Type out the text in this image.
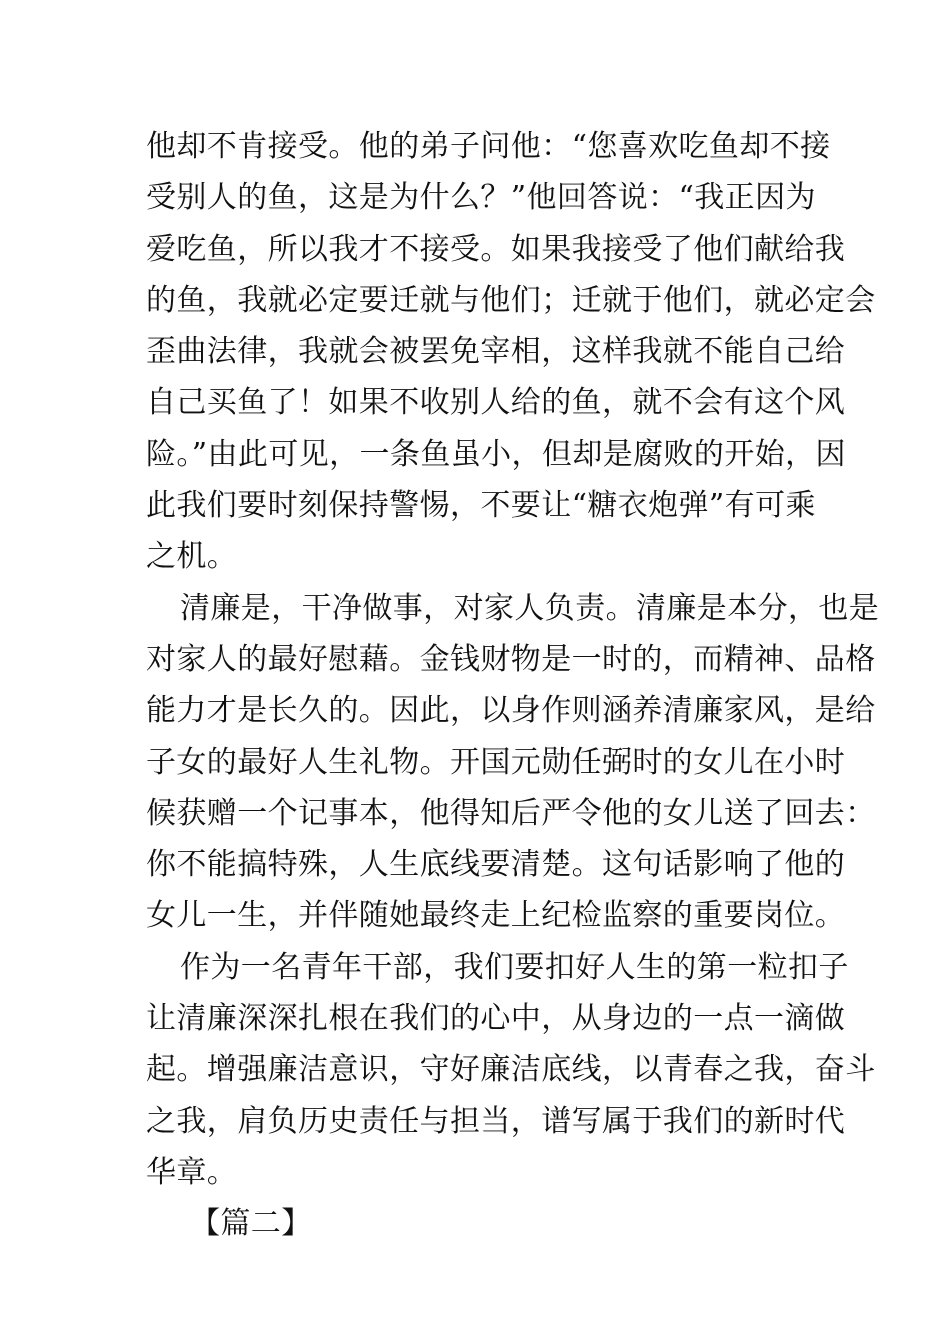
他却不肯接受。他的弟子问他：“您喜欢吃鱼却不接
受别人的鱼，这是为什么？”他回答说：“我正因为
爱吃鱼，所以我才不接受。如果我接受了他们献给我
的鱼，我就必定要迁就与他们；迁就于他们，就必定会
歪曲法律，我就会被罢免宰相，这样我就不能自己给
自己买鱼了！如果不收别人给的鱼，就不会有这个风
险。”由此可见，一条鱼虽小，但却是腐败的开始，因
此我们要时刻保持警惕，不要让“糖衣炮弹”有可乘
之机。
清廉是，干净做事，对家人负责。清廉是本分，也是
对家人的最好慰藉。金钱财物是一时的，而精神、品格
能力才是长久的。因此，以身作则涵养清廉家风，是给
子女的最好人生礼物。开国元勋任弼时的女儿在小时
候获赠一个记事本，他得知后严令他的女儿送了回去：
你不能搞特殊，人生底线要清楚。这句话影响了他的
女儿一生，并伴随她最终走上纪检监察的重要岗位。
作为一名青年干部，我们要扣好人生的第一粒扣子
让清廉深深扎根在我们的心中，从身边的一点一滴做
起。增强廉洁意识，守好廉洁底线，以青春之我，奋斗
之我，肩负历史责任与担当，谱写属于我们的新时代
华章。
【篇二】
